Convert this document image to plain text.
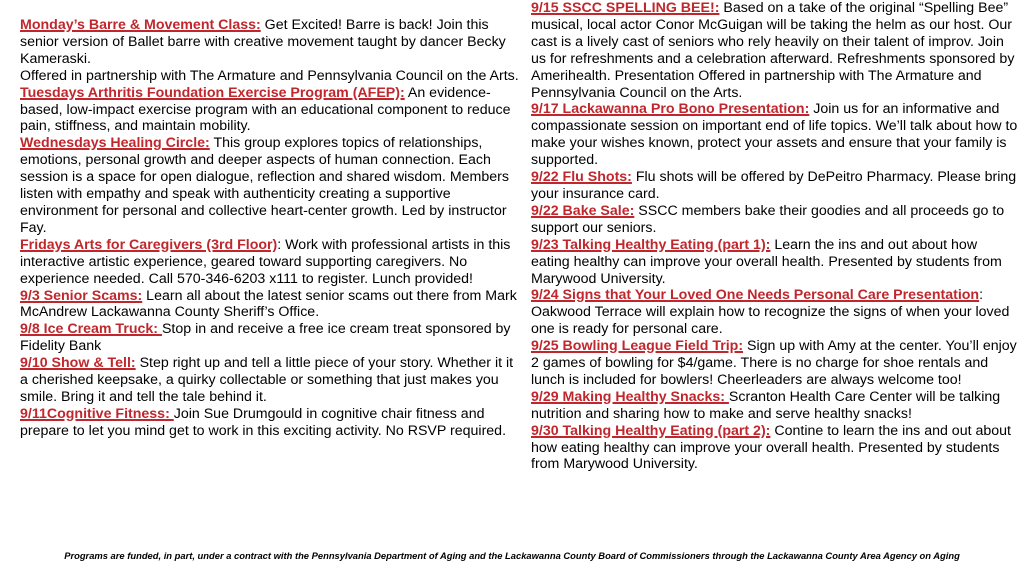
Monday’s Barre & Movement Class: Get Excited! Barre is back! Join this senior version of Ballet barre with creative movement taught by dancer Becky Kameraski.

Offered in partnership with The Armature and Pennsylvania Council on the Arts.

Tuesdays Arthritis Foundation Exercise Program (AFEP): An evidence-based, low-impact exercise program with an educational component to reduce pain, stiffness, and maintain mobility.

Wednesdays Healing Circle: This group explores topics of relationships, emotions, personal growth and deeper aspects of human connection. Each session is a space for open dialogue, reflection and shared wisdom. Members listen with empathy and speak with authenticity creating a supportive environment for personal and collective heart-center growth. Led by instructor Fay.

Fridays Arts for Caregivers (3rd Floor): Work with professional artists in this interactive artistic experience, geared toward supporting caregivers. No experience needed. Call 570-346-6203 x111 to register. Lunch provided!

9/3 Senior Scams: Learn all about the latest senior scams out there from Mark McAndrew Lackawanna County Sheriff’s Office.

9/8 Ice Cream Truck: Stop in and receive a free ice cream treat sponsored by Fidelity Bank

9/10 Show & Tell: Step right up and tell a little piece of your story. Whether it it a cherished keepsake, a quirky collectable or something that just makes you smile. Bring it and tell the tale behind it.

9/11Cognitive Fitness: Join Sue Drumgould in cognitive chair fitness and prepare to let you mind get to work in this exciting activity. No RSVP required.

9/15 SSCC SPELLING BEE!: Based on a take of the original “Spelling Bee” musical, local actor Conor McGuigan will be taking the helm as our host. Our cast is a lively cast of seniors who rely heavily on their talent of improv. Join us for refreshments and a celebration afterward. Refreshments sponsored by Amerihealth. Presentation Offered in partnership with The Armature and Pennsylvania Council on the Arts.

9/17 Lackawanna Pro Bono Presentation: Join us for an informative and compassionate session on important end of life topics. We’ll talk about how to make your wishes known, protect your assets and ensure that your family is supported.

9/22 Flu Shots: Flu shots will be offered by DePeitro Pharmacy. Please bring your insurance card.

9/22 Bake Sale: SSCC members bake their goodies and all proceeds go to support our seniors.

9/23 Talking Healthy Eating (part 1): Learn the ins and out about how eating healthy can improve your overall health. Presented by students from Marywood University.

9/24 Signs that Your Loved One Needs Personal Care Presentation: Oakwood Terrace will explain how to recognize the signs of when your loved one is ready for personal care.

9/25 Bowling League Field Trip: Sign up with Amy at the center. You’ll enjoy 2 games of bowling for $4/game. There is no charge for shoe rentals and lunch is included for bowlers! Cheerleaders are always welcome too!

9/29 Making Healthy Snacks: Scranton Health Care Center will be talking nutrition and sharing how to make and serve healthy snacks!

9/30 Talking Healthy Eating (part 2): Contine to learn the ins and out about how eating healthy can improve your overall health. Presented by students from Marywood University.

Programs are funded, in part, under a contract with the Pennsylvania Department of Aging and the Lackawanna County Board of Commissioners through the Lackawanna County Area Agency on Aging
